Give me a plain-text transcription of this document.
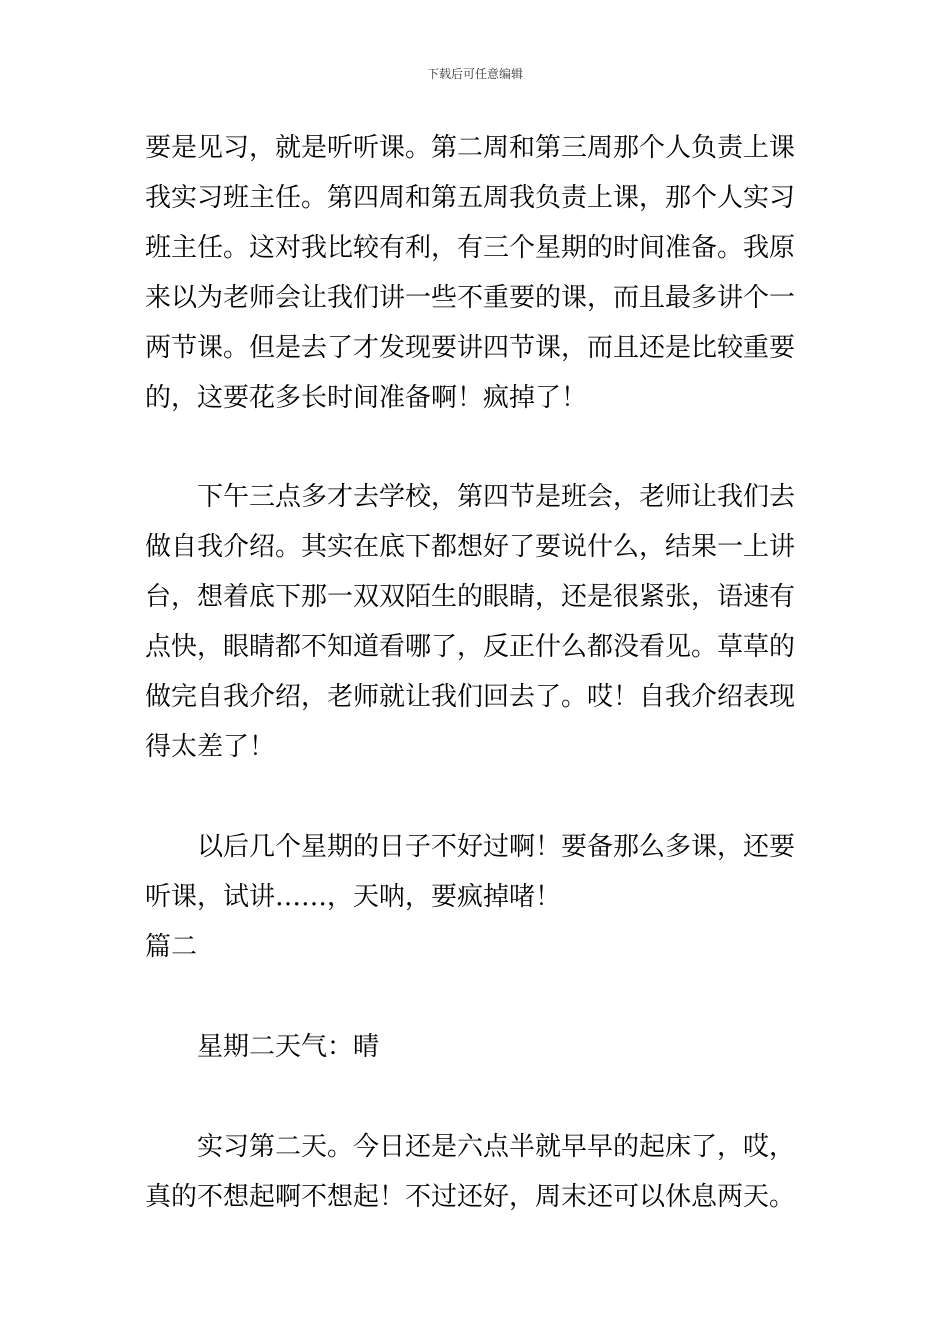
下载后可任意编辑
要是见习，就是听听课。第二周和第三周那个人负责上课
我实习班主任。第四周和第五周我负责上课，那个人实习
班主任。这对我比较有利，有三个星期的时间准备。我原
来以为老师会让我们讲一些不重要的课，而且最多讲个一
两节课。但是去了才发现要讲四节课，而且还是比较重要
的，这要花多长时间准备啊！疯掉了！
下午三点多才去学校，第四节是班会，老师让我们去
做自我介绍。其实在底下都想好了要说什么，结果一上讲
台，想着底下那一双双陌生的眼睛，还是很紧张，语速有
点快，眼睛都不知道看哪了，反正什么都没看见。草草的
做完自我介绍，老师就让我们回去了。哎！自我介绍表现
得太差了！
以后几个星期的日子不好过啊！要备那么多课，还要
听课，试讲……，天呐，要疯掉啫！
篇二
星期二天气：晴
实习第二天。今日还是六点半就早早的起床了，哎，
真的不想起啊不想起！不过还好，周末还可以休息两天。
